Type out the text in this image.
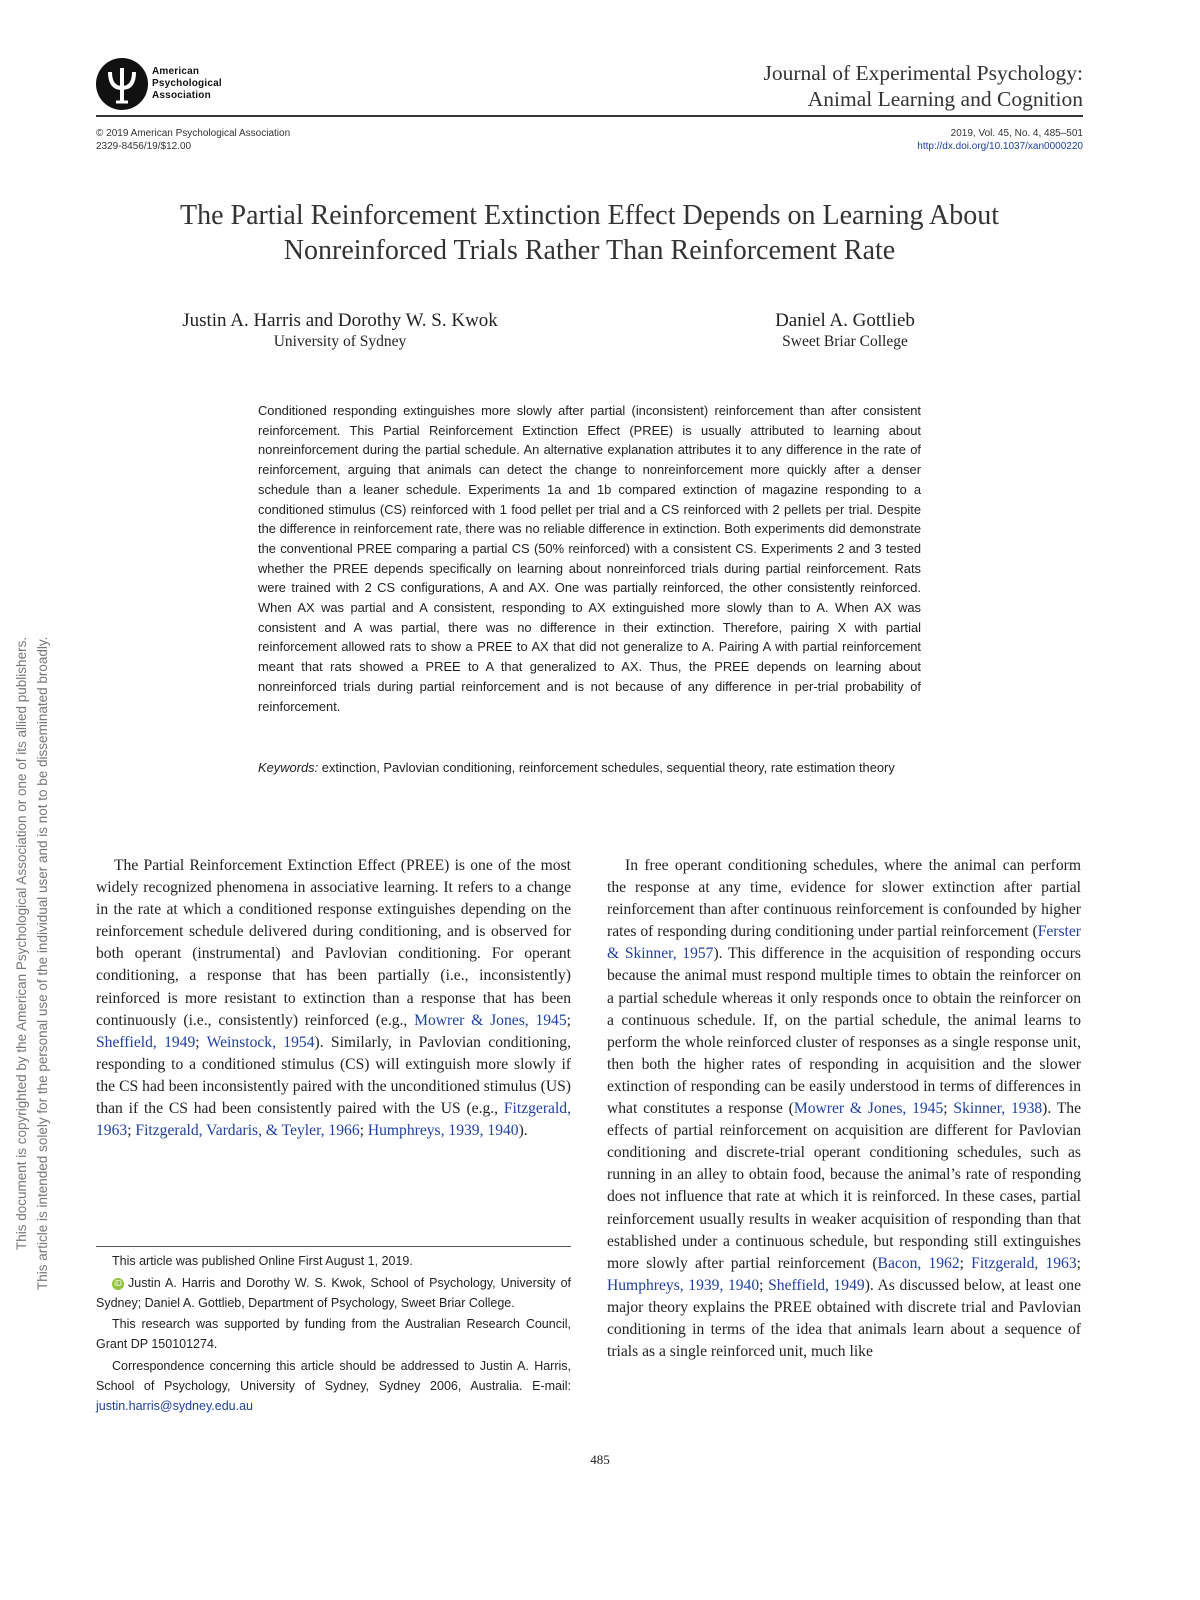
American
Psychological
Association
Journal of Experimental Psychology:
Animal Learning and Cognition
© 2019 American Psychological Association
2329-8456/19/$12.00
2019, Vol. 45, No. 4, 485–501
http://dx.doi.org/10.1037/xan0000220
The Partial Reinforcement Extinction Effect Depends on Learning About
Nonreinforced Trials Rather Than Reinforcement Rate
Justin A. Harris and Dorothy W. S. Kwok
University of Sydney
Daniel A. Gottlieb
Sweet Briar College
Conditioned responding extinguishes more slowly after partial (inconsistent) reinforcement than after consistent reinforcement. This Partial Reinforcement Extinction Effect (PREE) is usually attributed to learning about nonreinforcement during the partial schedule. An alternative explanation attributes it to any difference in the rate of reinforcement, arguing that animals can detect the change to nonreinforcement more quickly after a denser schedule than a leaner schedule. Experiments 1a and 1b compared extinction of magazine responding to a conditioned stimulus (CS) reinforced with 1 food pellet per trial and a CS reinforced with 2 pellets per trial. Despite the difference in reinforcement rate, there was no reliable difference in extinction. Both experiments did demonstrate the conventional PREE comparing a partial CS (50% reinforced) with a consistent CS. Experiments 2 and 3 tested whether the PREE depends specifically on learning about nonreinforced trials during partial reinforcement. Rats were trained with 2 CS configurations, A and AX. One was partially reinforced, the other consistently reinforced. When AX was partial and A consistent, responding to AX extinguished more slowly than to A. When AX was consistent and A was partial, there was no difference in their extinction. Therefore, pairing X with partial reinforcement allowed rats to show a PREE to AX that did not generalize to A. Pairing A with partial reinforcement meant that rats showed a PREE to A that generalized to AX. Thus, the PREE depends on learning about nonreinforced trials during partial reinforcement and is not because of any difference in per-trial probability of reinforcement.
Keywords: extinction, Pavlovian conditioning, reinforcement schedules, sequential theory, rate estimation theory
The Partial Reinforcement Extinction Effect (PREE) is one of the most widely recognized phenomena in associative learning. It refers to a change in the rate at which a conditioned response extinguishes depending on the reinforcement schedule delivered during conditioning, and is observed for both operant (instrumental) and Pavlovian conditioning. For operant conditioning, a response that has been partially (i.e., inconsistently) reinforced is more resistant to extinction than a response that has been continuously (i.e., consistently) reinforced (e.g., Mowrer & Jones, 1945; Sheffield, 1949; Weinstock, 1954). Similarly, in Pavlovian conditioning, responding to a conditioned stimulus (CS) will extinguish more slowly if the CS had been inconsistently paired with the unconditioned stimulus (US) than if the CS had been consistently paired with the US (e.g., Fitzgerald, 1963; Fitzgerald, Vardaris, & Teyler, 1966; Humphreys, 1939, 1940).

This article was published Online First August 1, 2019.

iD Justin A. Harris and Dorothy W. S. Kwok, School of Psychology, University of Sydney; Daniel A. Gottlieb, Department of Psychology, Sweet Briar College.

This research was supported by funding from the Australian Research Council, Grant DP 150101274.

Correspondence concerning this article should be addressed to Justin A. Harris, School of Psychology, University of Sydney, Sydney 2006, Australia. E-mail: justin.harris@sydney.edu.au

In free operant conditioning schedules, where the animal can perform the response at any time, evidence for slower extinction after partial reinforcement than after continuous reinforcement is confounded by higher rates of responding during conditioning under partial reinforcement (Ferster & Skinner, 1957). This difference in the acquisition of responding occurs because the animal must respond multiple times to obtain the reinforcer on a partial schedule whereas it only responds once to obtain the reinforcer on a continuous schedule. If, on the partial schedule, the animal learns to perform the whole reinforced cluster of responses as a single response unit, then both the higher rates of responding in acquisition and the slower extinction of responding can be easily understood in terms of differences in what constitutes a response (Mowrer & Jones, 1945; Skinner, 1938). The effects of partial reinforcement on acquisition are different for Pavlovian conditioning and discrete-trial operant conditioning schedules, such as running in an alley to obtain food, because the animal’s rate of responding does not influence that rate at which it is reinforced. In these cases, partial reinforcement usually results in weaker acquisition of responding than that established under a continuous schedule, but responding still extinguishes more slowly after partial reinforcement (Bacon, 1962; Fitzgerald, 1963; Humphreys, 1939, 1940; Sheffield, 1949). As discussed below, at least one major theory explains the PREE obtained with discrete trial and Pavlovian conditioning in terms of the idea that animals learn about a sequence of trials as a single reinforced unit, much like
485
This document is copyrighted by the American Psychological Association or one of its allied publishers. This article is intended solely for the personal use of the individual user and is not to be disseminated broadly.
